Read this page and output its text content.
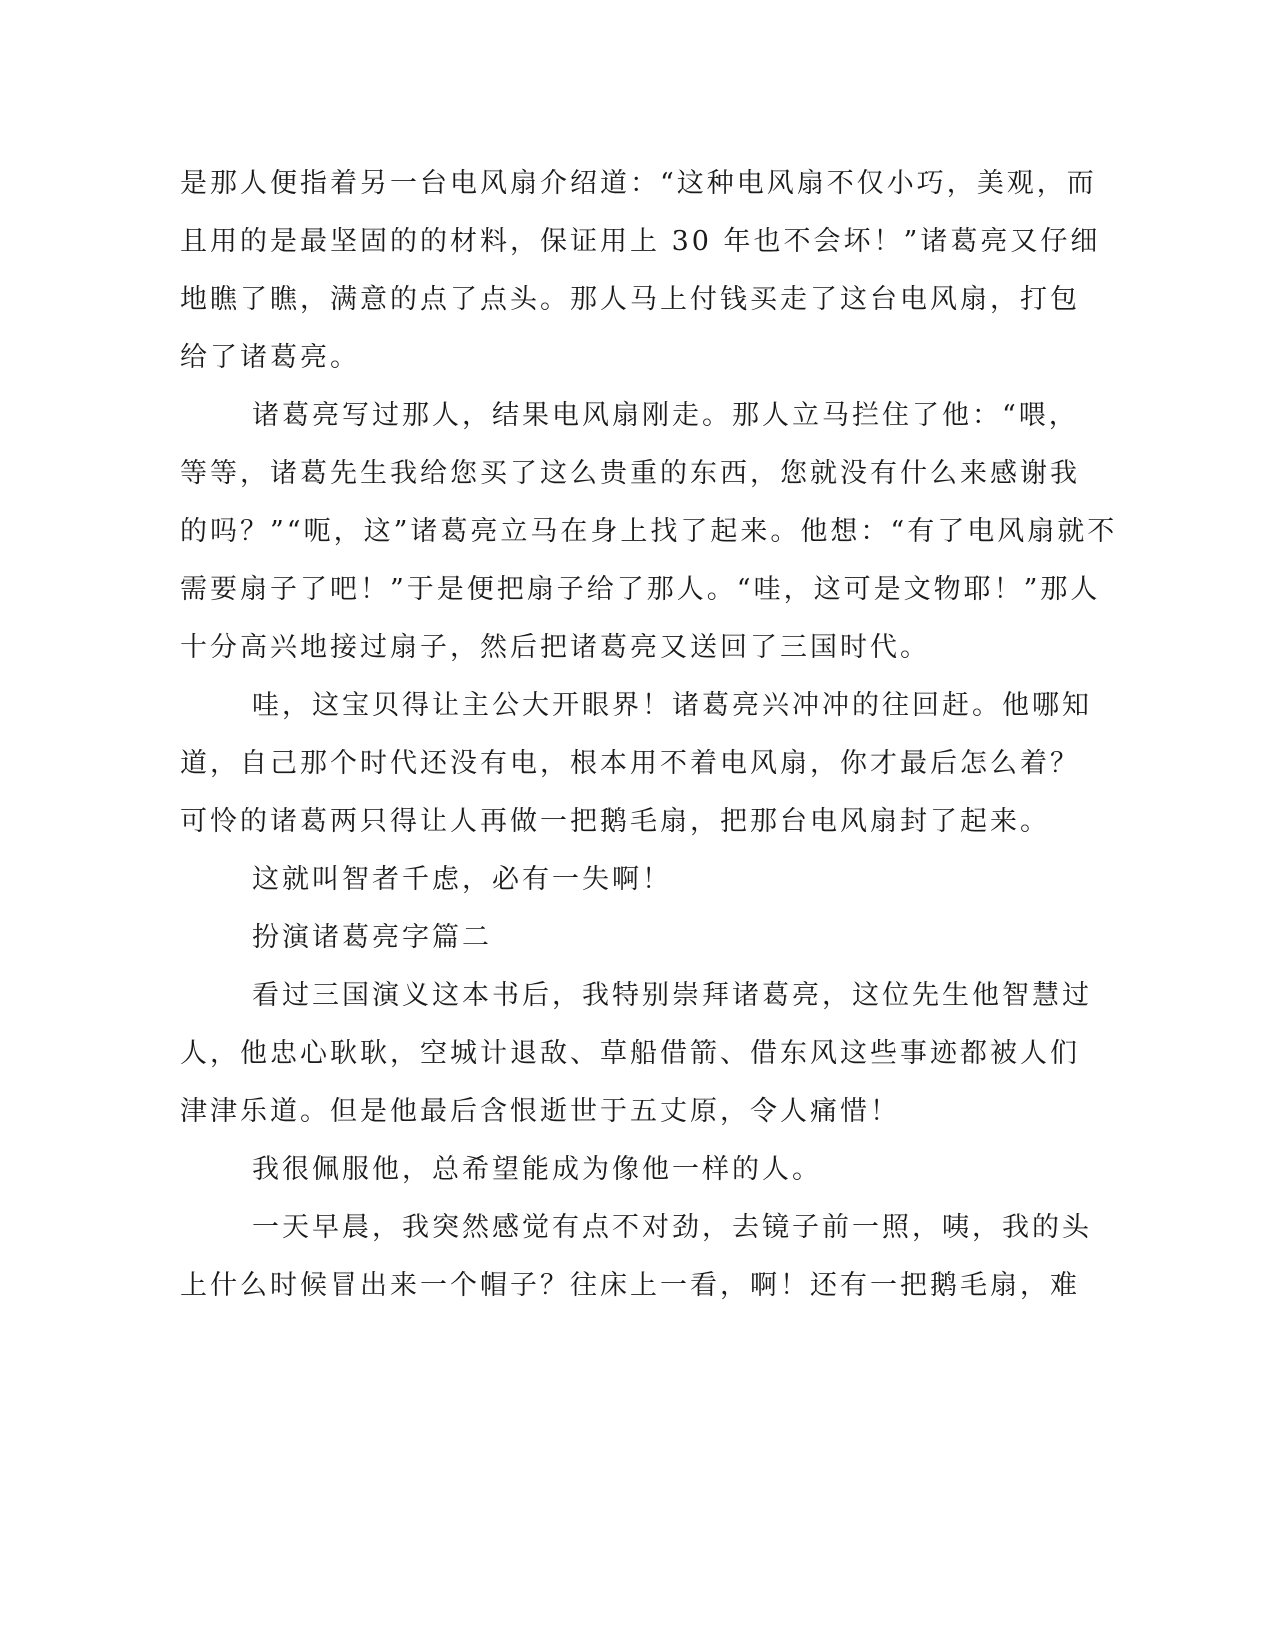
是那人便指着另一台电风扇介绍道：“这种电风扇不仅小巧，美观，而
且用的是最坚固的的材料，保证用上 30 年也不会坏！”诸葛亮又仔细
地瞧了瞧，满意的点了点头。那人马上付钱买走了这台电风扇，打包
给了诸葛亮。
诸葛亮写过那人，结果电风扇刚走。那人立马拦住了他：“喂，
等等，诸葛先生我给您买了这么贵重的东西，您就没有什么来感谢我
的吗？”“呃，这”诸葛亮立马在身上找了起来。他想：“有了电风扇就不
需要扇子了吧！”于是便把扇子给了那人。“哇，这可是文物耶！”那人
十分高兴地接过扇子，然后把诸葛亮又送回了三国时代。
哇，这宝贝得让主公大开眼界！诸葛亮兴冲冲的往回赶。他哪知
道，自己那个时代还没有电，根本用不着电风扇，你才最后怎么着？
可怜的诸葛两只得让人再做一把鹅毛扇，把那台电风扇封了起来。
这就叫智者千虑，必有一失啊！
扮演诸葛亮字篇二
看过三国演义这本书后，我特别崇拜诸葛亮，这位先生他智慧过
人，他忠心耿耿，空城计退敌、草船借箭、借东风这些事迹都被人们
津津乐道。但是他最后含恨逝世于五丈原，令人痛惜！
我很佩服他，总希望能成为像他一样的人。
一天早晨，我突然感觉有点不对劲，去镜子前一照，咦，我的头
上什么时候冒出来一个帽子？往床上一看，啊！还有一把鹅毛扇，难
